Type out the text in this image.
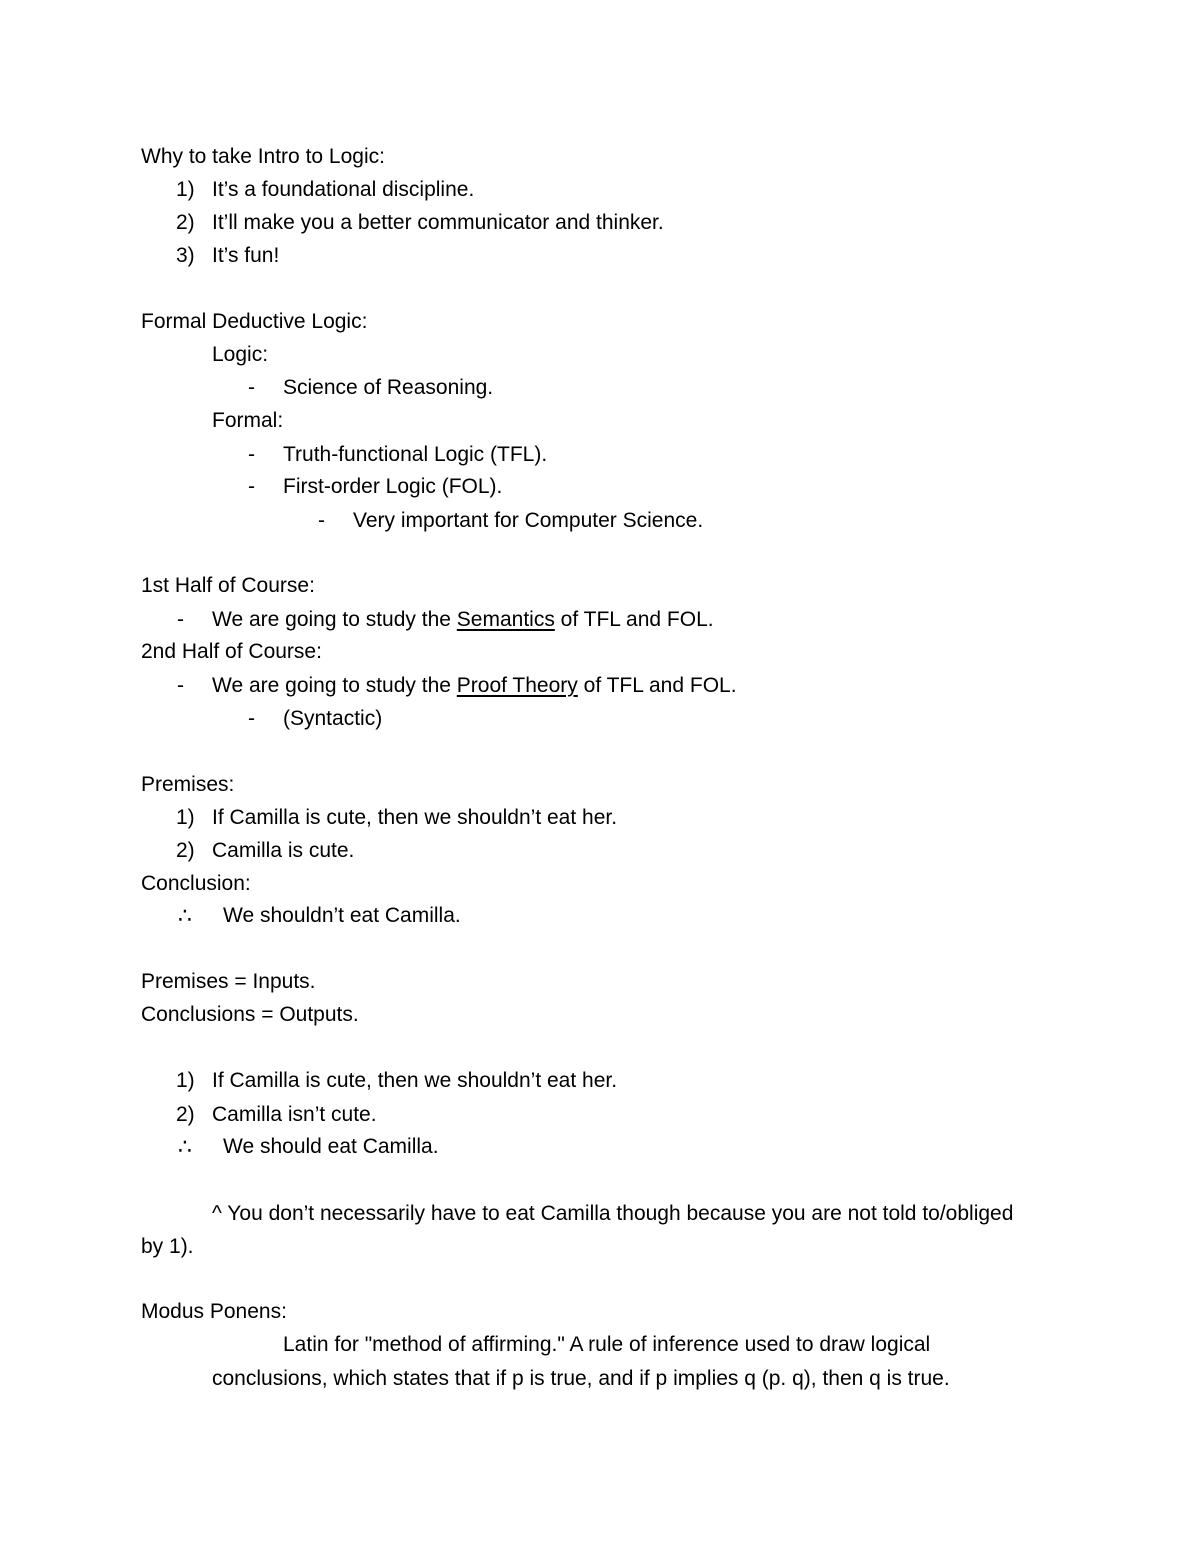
Why to take Intro to Logic:
1) It’s a foundational discipline.
2) It’ll make you a better communicator and thinker.
3) It’s fun!
Formal Deductive Logic:
Logic:
- Science of Reasoning.
Formal:
- Truth-functional Logic (TFL).
- First-order Logic (FOL).
- Very important for Computer Science.
1st Half of Course:
- We are going to study the Semantics of TFL and FOL.
2nd Half of Course:
- We are going to study the Proof Theory of TFL and FOL.
- (Syntactic)
Premises:
1) If Camilla is cute, then we shouldn’t eat her.
2) Camilla is cute.
Conclusion:
∴ We shouldn’t eat Camilla.
Premises = Inputs.
Conclusions = Outputs.
1) If Camilla is cute, then we shouldn’t eat her.
2) Camilla isn’t cute.
∴ We should eat Camilla.
^ You don’t necessarily have to eat Camilla though because you are not told to/obliged
by 1).
Modus Ponens:
Latin for "method of affirming." A rule of inference used to draw logical
conclusions, which states that if p is true, and if p implies q (p. q), then q is true.
